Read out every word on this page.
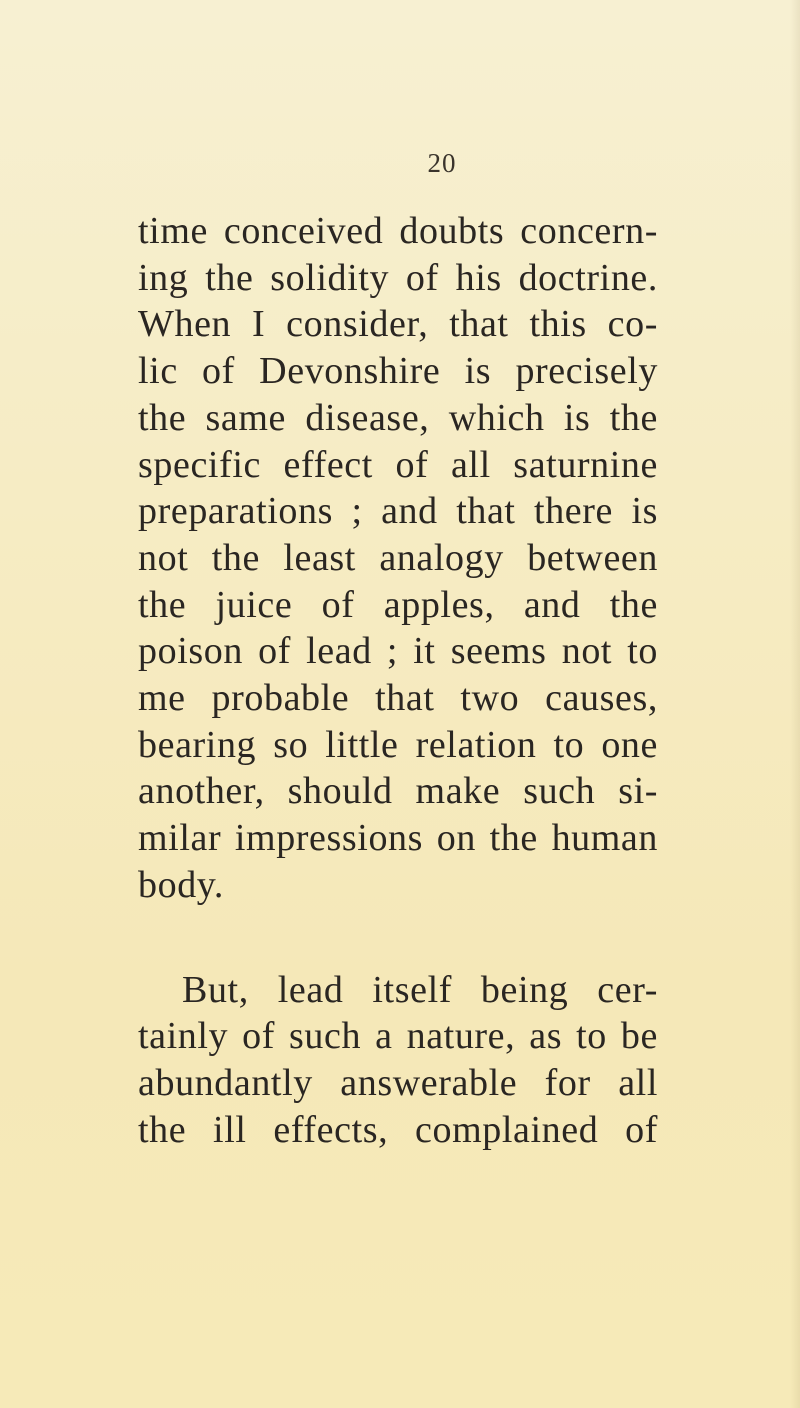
20
time conceived doubts concern-
ing the solidity of his doctrine.
When I consider, that this co-
lic of Devonshire is precisely
the same disease, which is the
specific effect of all saturnine
preparations ; and that there is
not the least analogy between
the juice of apples, and the
poison of lead ; it seems not to
me probable that two causes,
bearing so little relation to one
another, should make such si-
milar impressions on the human
body.
But, lead itself being cer-
tainly of such a nature, as to be
abundantly answerable for all
the ill effects, complained of
